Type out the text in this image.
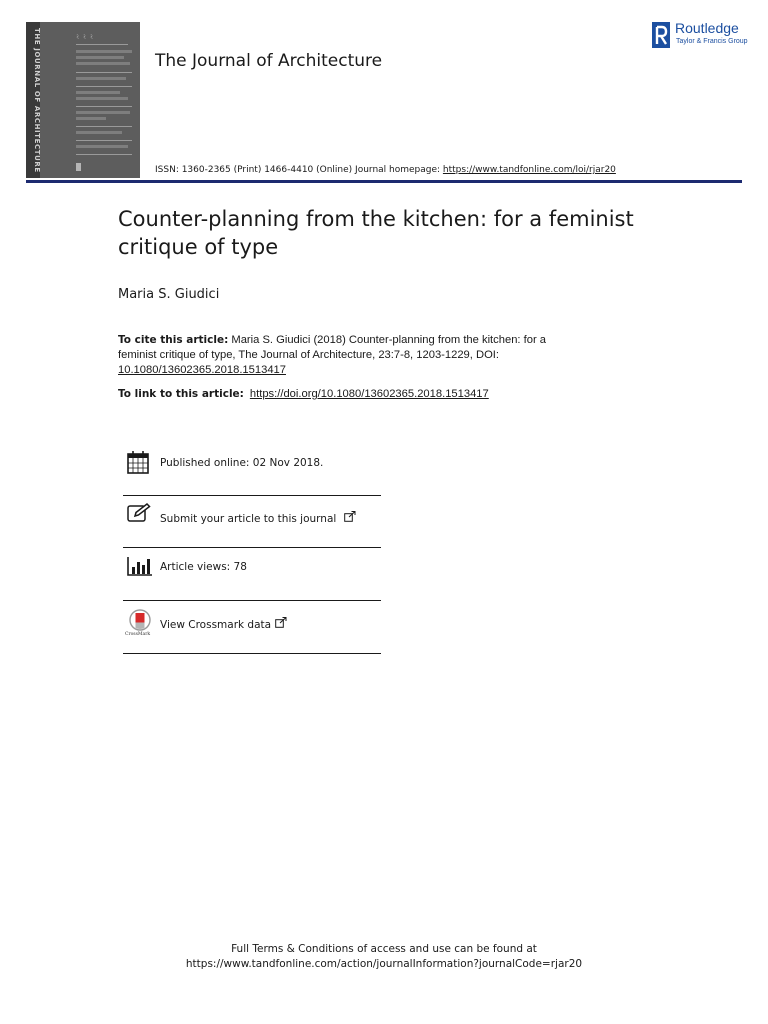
THE JOURNAL OF ARCHITECTURE	ﾐ ﾐ ﾐ
The Journal of Architecture
Routledge
Taylor & Francis Group
ISSN: 1360-2365 (Print) 1466-4410 (Online) Journal homepage: https://www.tandfonline.com/loi/rjar20
Counter-planning from the kitchen: for a feminist critique of type
Maria S. Giudici
To cite this article: Maria S. Giudici (2018) Counter-planning from the kitchen: for a feminist critique of type, The Journal of Architecture, 23:7-8, 1203-1229, DOI: 10.1080/13602365.2018.1513417
To link to this article: https://doi.org/10.1080/13602365.2018.1513417
Published online: 02 Nov 2018.
Submit your article to this journal
Article views: 78
CrossMark
View Crossmark data
Full Terms & Conditions of access and use can be found at
https://www.tandfonline.com/action/journalInformation?journalCode=rjar20
